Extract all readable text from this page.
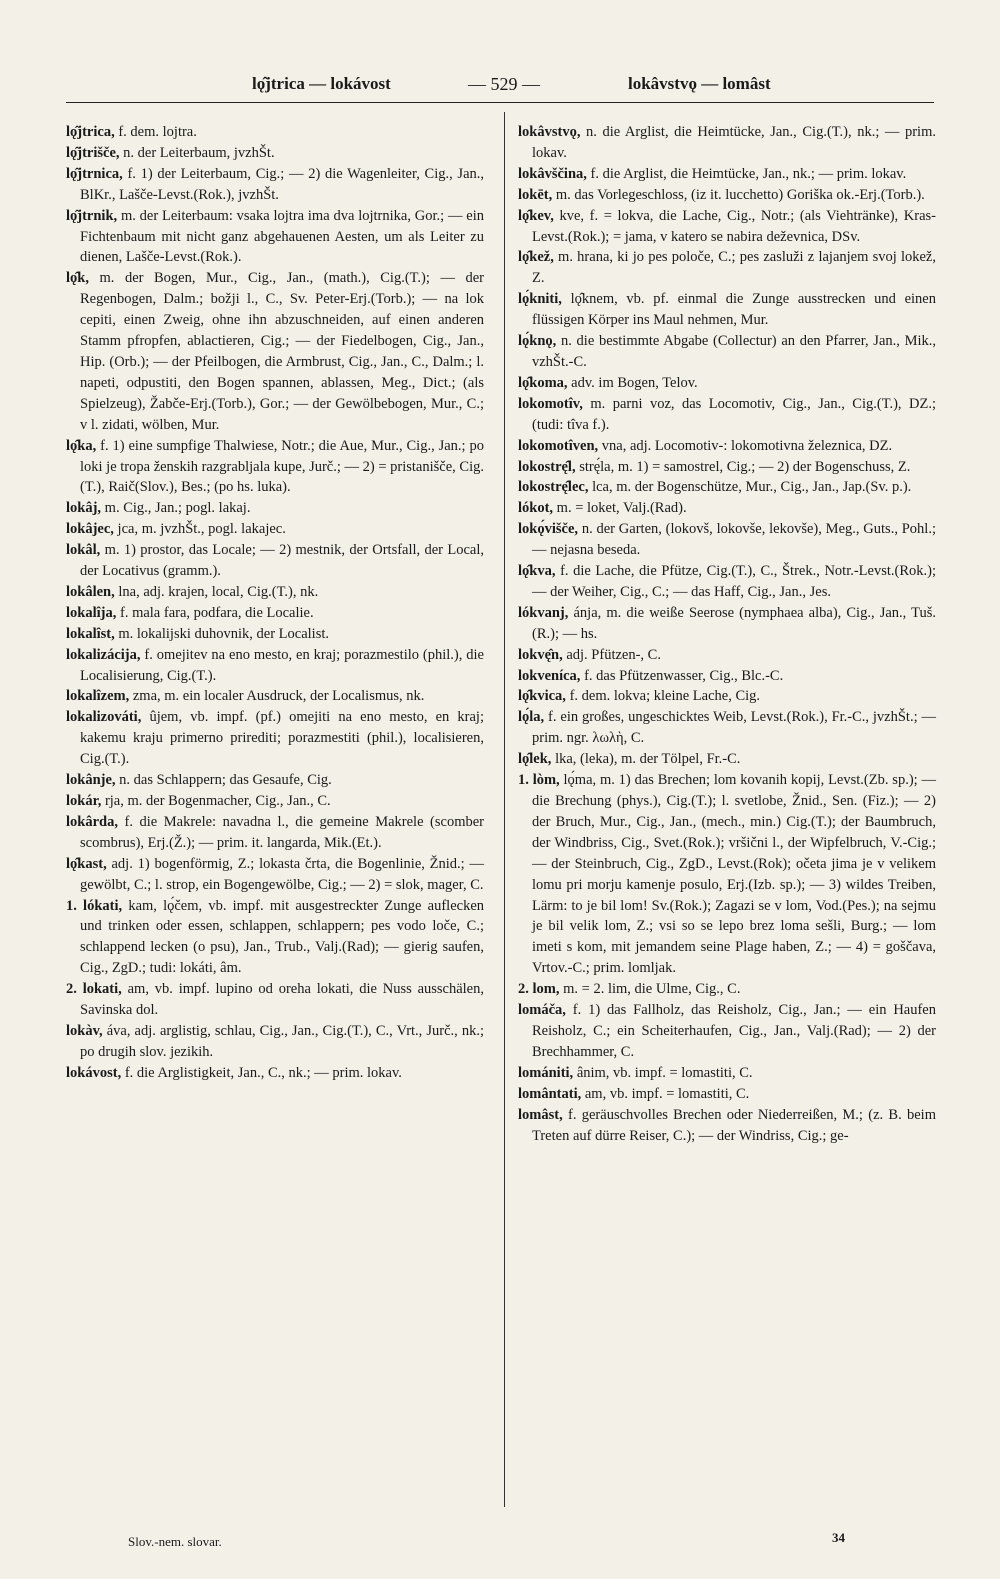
lǫ̂jtrica — lokávost	— 529 —	lokâvstvǫ — lomâst
lǫ̂jtrica, f. dem. lojtra.
lǫ̂jtrišče, n. der Leiterbaum, jvzhŠt.
lǫ̂jtrnica, f. 1) der Leiterbaum, Cig.; — 2) die Wagenleiter, Cig., Jan., BlKr., Lašče-Levst.(Rok.), jvzhŠt.
lǫ̂jtrnik, m. der Leiterbaum: vsaka lojtra ima dva lojtrnika, Gor.; — ein Fichtenbaum mit nicht ganz abgehauenen Aesten, um als Leiter zu dienen, Lašče-Levst.(Rok.).
lǫ̂k, m. der Bogen, Mur., Cig., Jan., (math.), Cig.(T.); — der Regenbogen, Dalm.; božji l., C., Sv. Peter-Erj.(Torb.); — na lok cepiti, einen Zweig, ohne ihn abzuschneiden, auf einen anderen Stamm pfropfen, ablactieren, Cig.; — der Fiedelbogen, Cig., Jan., Hip. (Orb.); — der Pfeilbogen, die Armbrust, Cig., Jan., C., Dalm.; l. napeti, odpustiti, den Bogen spannen, ablassen, Meg., Dict.; (als Spielzeug), Žabče-Erj.(Torb.), Gor.; — der Gewölbebogen, Mur., C.; v l. zidati, wölben, Mur.
lǫ̂ka, f. 1) eine sumpfige Thalwiese, Notr.; die Aue, Mur., Cig., Jan.; po loki je tropa ženskih razgrabljala kupe, Jurč.; — 2) = pristanišče, Cig.(T.), Raič(Slov.), Bes.; (po hs. luka).
lokâj, m. Cig., Jan.; pogl. lakaj.
lokâjec, jca, m. jvzhŠt., pogl. lakajec.
lokâl, m. 1) prostor, das Locale; — 2) mestnik, der Ortsfall, der Local, der Locativus (gramm.).
lokâlen, lna, adj. krajen, local, Cig.(T.), nk.
lokalîja, f. mala fara, podfara, die Localie.
lokalîst, m. lokalijski duhovnik, der Localist.
lokalizácija, f. omejitev na eno mesto, en kraj; porazmestilo (phil.), die Localisierung, Cig.(T.).
lokalîzem, zma, m. ein localer Ausdruck, der Localismus, nk.
lokalizováti, ûjem, vb. impf. (pf.) omejiti na eno mesto, en kraj; kakemu kraju primerno prirediti; porazmestiti (phil.), localisieren, Cig.(T.).
lokânje, n. das Schlappern; das Gesaufe, Cig.
lokár, rja, m. der Bogenmacher, Cig., Jan., C.
lokârda, f. die Makrele: navadna l., die gemeine Makrele (scomber scombrus), Erj.(Ž.); — prim. it. langarda, Mik.(Et.).
lǫ̂kast, adj. 1) bogenförmig, Z.; lokasta črta, die Bogenlinie, Žnid.; — gewölbt, C.; l. strop, ein Bogengewölbe, Cig.; — 2) = slok, mager, C.
1. lókati, kam, lǫ́čem, vb. impf. mit ausgestreckter Zunge auflecken und trinken oder essen, schlappen, schlappern; pes vodo loče, C.; schlappend lecken (o psu), Jan., Trub., Valj.(Rad); — gierig saufen, Cig., ZgD.; tudi: lokáti, âm.
2. lokati, am, vb. impf. lupino od oreha lokati, die Nuss ausschälen, Savinska dol.
lokàv, áva, adj. arglistig, schlau, Cig., Jan., Cig.(T.), C., Vrt., Jurč., nk.; po drugih slov. jezikih.
lokávost, f. die Arglistigkeit, Jan., C., nk.; — prim. lokav.
lokâvstvǫ, n. die Arglist, die Heimtücke, Jan., Cig.(T.), nk.; — prim. lokav.
lokâvščina, f. die Arglist, die Heimtücke, Jan., nk.; — prim. lokav.
lokēt, m. das Vorlegeschloss, (iz it. lucchetto) Goriška ok.-Erj.(Torb.).
lǫ̂kev, kve, f. = lokva, die Lache, Cig., Notr.; (als Viehtränke), Kras-Levst.(Rok.); = jama, v katero se nabira deževnica, DSv.
lǫ̂kež, m. hrana, ki jo pes poloče, C.; pes zasluži z lajanjem svoj lokež, Z.
lǫ́kniti, lǫ̂knem, vb. pf. einmal die Zunge ausstrecken und einen flüssigen Körper ins Maul nehmen, Mur.
lǫ́knǫ, n. die bestimmte Abgabe (Collectur) an den Pfarrer, Jan., Mik., vzhŠt.-C.
lǫ̂koma, adv. im Bogen, Telov.
lokomotîv, m. parni voz, das Locomotiv, Cig., Jan., Cig.(T.), DZ.; (tudi: tîva f.).
lokomotîven, vna, adj. Locomotiv-: lokomotivna železnica, DZ.
lokostrę̂l, strę́la, m. 1) = samostrel, Cig.; — 2) der Bogenschuss, Z.
lokostrę̂lec, lca, m. der Bogenschütze, Mur., Cig., Jan., Jap.(Sv. p.).
lókot, m. = loket, Valj.(Rad).
lokǫ́višče, n. der Garten, (lokovš, lokovše, lekovše), Meg., Guts., Pohl.; — nejasna beseda.
lǫ̂kva, f. die Lache, die Pfütze, Cig.(T.), C., Štrek., Notr.-Levst.(Rok.); — der Weiher, Cig., C.; — das Haff, Cig., Jan., Jes.
lókvanj, ánja, m. die weiße Seerose (nymphaea alba), Cig., Jan., Tuš.(R.); — hs.
lokvę̂n, adj. Pfützen-, C.
lokveníca, f. das Pfützenwasser, Cig., Blc.-C.
lǫ̂kvica, f. dem. lokva; kleine Lache, Cig.
lǫ́la, f. ein großes, ungeschicktes Weib, Levst.(Rok.), Fr.-C., jvzhŠt.; — prim. ngr. λωλὴ, C.
lǫ̂lek, lka, (leka), m. der Tölpel, Fr.-C.
1. lòm, lǫ́ma, m. 1) das Brechen; lom kovanih kopij, Levst.(Zb. sp.); — die Brechung (phys.), Cig.(T.); l. svetlobe, Žnid., Sen. (Fiz.); — 2) der Bruch, Mur., Cig., Jan., (mech., min.) Cig.(T.); der Baumbruch, der Windbriss, Cig., Svet.(Rok.); vršični l., der Wipfelbruch, V.-Cig.; — der Steinbruch, Cig., ZgD., Levst.(Rok); očeta jima je v velikem lomu pri morju kamenje posulo, Erj.(Izb. sp.); — 3) wildes Treiben, Lärm: to je bil lom! Sv.(Rok.); Zagazi se v lom, Vod.(Pes.); na sejmu je bil velik lom, Z.; vsi so se lepo brez loma sešli, Burg.; — lom imeti s kom, mit jemandem seine Plage haben, Z.; — 4) = goščava, Vrtov.-C.; prim. lomljak.
2. lom, m. = 2. lim, die Ulme, Cig., C.
lomáča, f. 1) das Fallholz, das Reisholz, Cig., Jan.; — ein Haufen Reisholz, C.; ein Scheiterhaufen, Cig., Jan., Valj.(Rad); — 2) der Brechhammer, C.
lomániti, ânim, vb. impf. = lomastiti, C.
lomântati, am, vb. impf. = lomastiti, C.
lomâst, f. geräuschvolles Brechen oder Niederreißen, M.; (z. B. beim Treten auf dürre Reiser, C.); — der Windriss, Cig.; ge-
Slov.-nem. slovar.	34
